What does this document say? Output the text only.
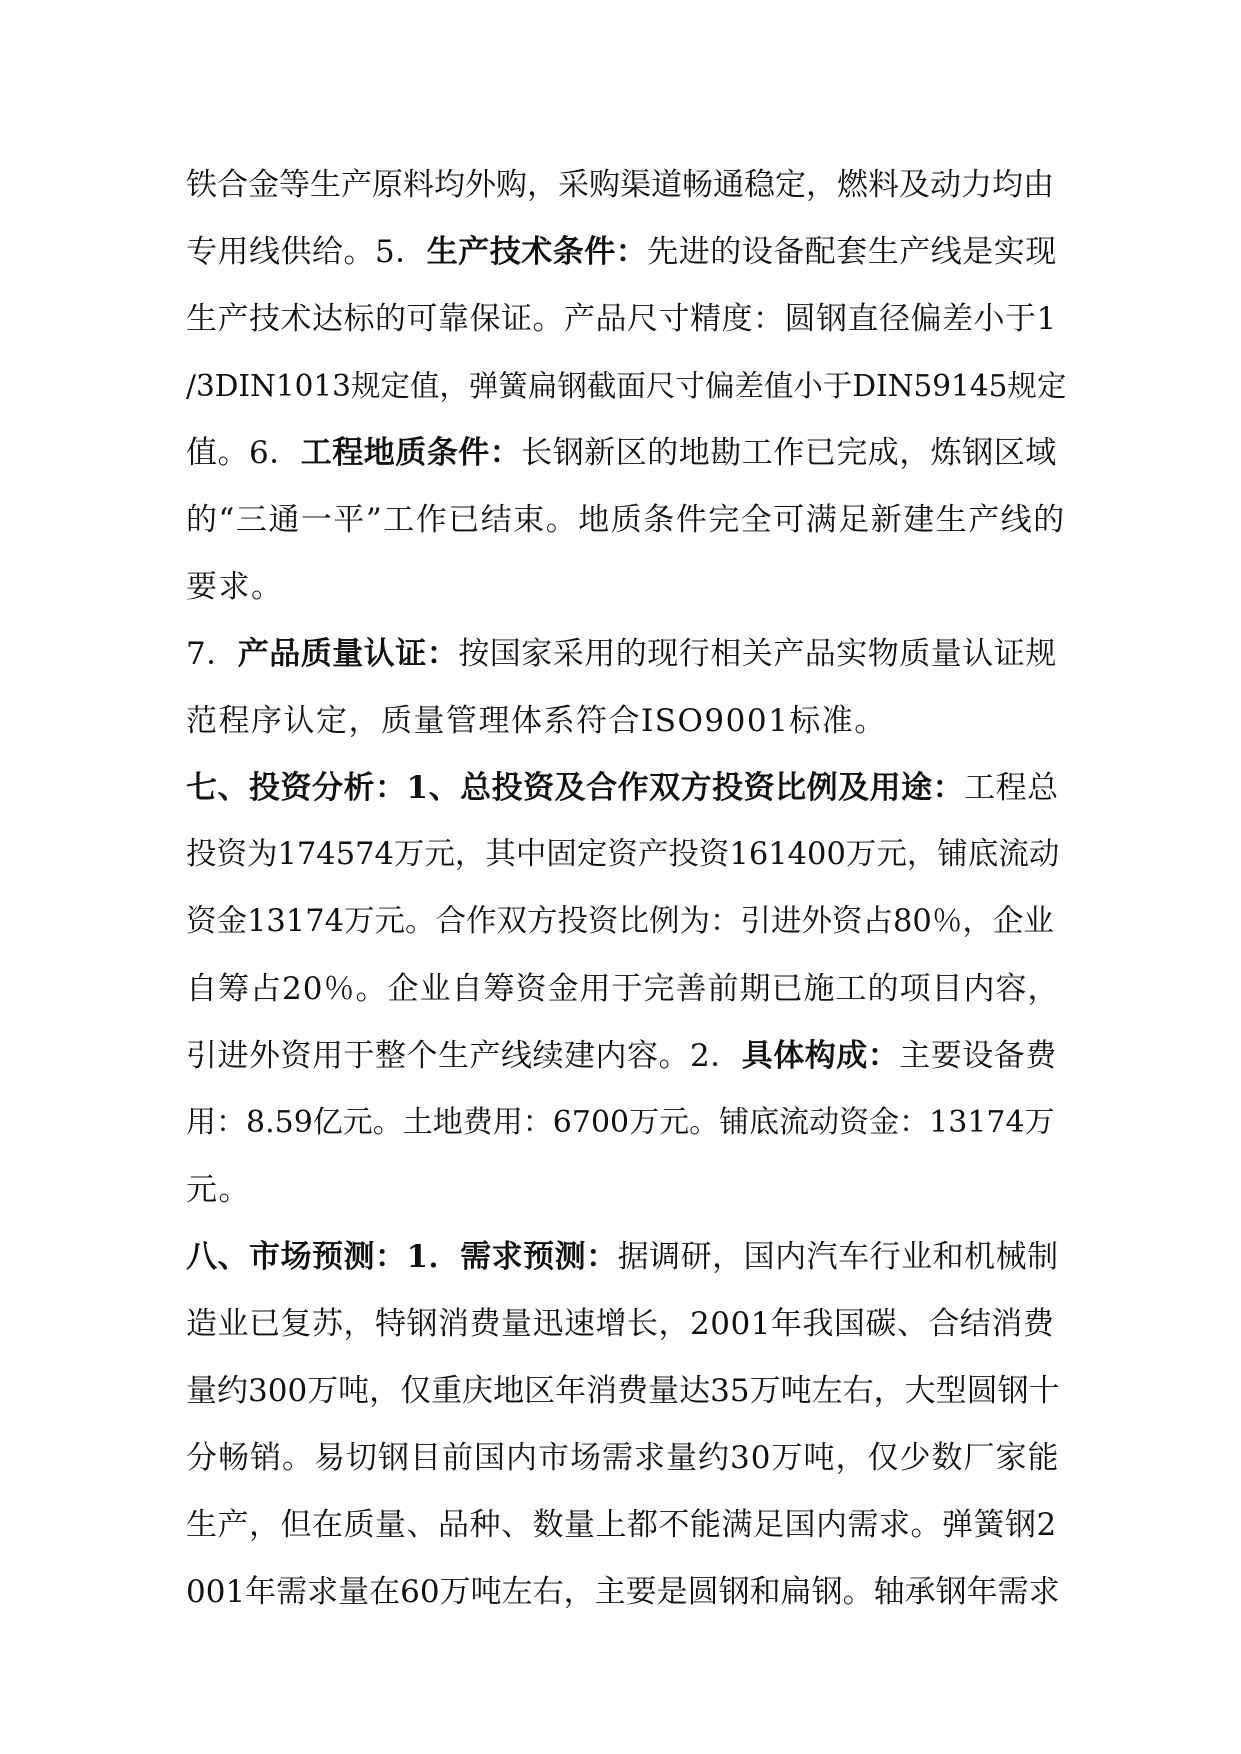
铁合金等生产原料均外购，采购渠道畅通稳定，燃料及动力均由
专用线供给。5．生产技术条件：先进的设备配套生产线是实现
生产技术达标的可靠保证。产品尺寸精度：圆钢直径偏差小于1
/3DIN1013规定值，弹簧扁钢截面尺寸偏差值小于DIN59145规定
值。6．工程地质条件：长钢新区的地勘工作已完成，炼钢区域
的“三通一平”工作已结束。地质条件完全可满足新建生产线的
要求。
7．产品质量认证：按国家采用的现行相关产品实物质量认证规
范程序认定，质量管理体系符合ISO9001标准。
七、投资分析：1、总投资及合作双方投资比例及用途：工程总
投资为174574万元，其中固定资产投资161400万元，铺底流动
资金13174万元。合作双方投资比例为：引进外资占80％，企业
自筹占20％。企业自筹资金用于完善前期已施工的项目内容，
引进外资用于整个生产线续建内容。2．具体构成：主要设备费
用：8.59亿元。土地费用：6700万元。铺底流动资金：13174万
元。
八、市场预测：1．需求预测：据调研，国内汽车行业和机械制
造业已复苏，特钢消费量迅速增长，2001年我国碳、合结消费
量约300万吨，仅重庆地区年消费量达35万吨左右，大型圆钢十
分畅销。易切钢目前国内市场需求量约30万吨，仅少数厂家能
生产，但在质量、品种、数量上都不能满足国内需求。弹簧钢2
001年需求量在60万吨左右，主要是圆钢和扁钢。轴承钢年需求
